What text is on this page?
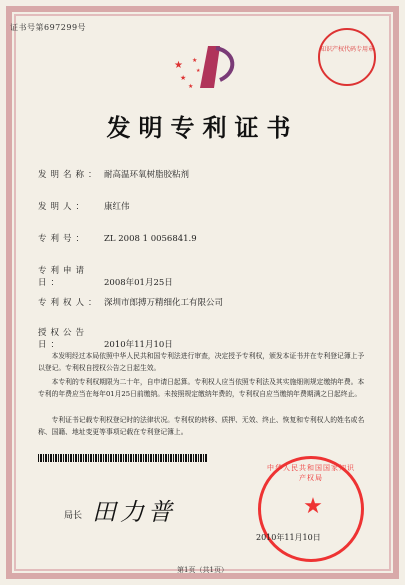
证书号第697299号
★
★
★
★
★
知识产权代码专用章
发明专利证书
发明名称： 耐高温环氧树脂胶粘剂
发明人： 康红伟
专利号： ZL 2008 1 0056841.9
专利申请日：	2008年01月25日
专利权人： 深圳市郎搏万精细化工有限公司
授权公告日：	2010年11月10日
本发明经过本局依照中华人民共和国专利法进行审查，决定授予专利权，颁发本证书并在专利登记簿上予以登记。专利权自授权公告之日起生效。
本专利的专利权期限为二十年，自申请日起算。专利权人应当依照专利法及其实施细则规定缴纳年费。本专利的年费应当在每年01月25日前缴纳。未按照规定缴纳年费的，专利权自应当缴纳年费期满之日起终止。
专利证书记载专利权登记时的法律状况。专利权的转移、质押、无效、终止、恢复和专利权人的姓名或名称、国籍、地址变更等事项记载在专利登记簿上。
局长 田力普
中华人民共和国国家知识产权局
★
2010年11月10日
第1页（共1页）
